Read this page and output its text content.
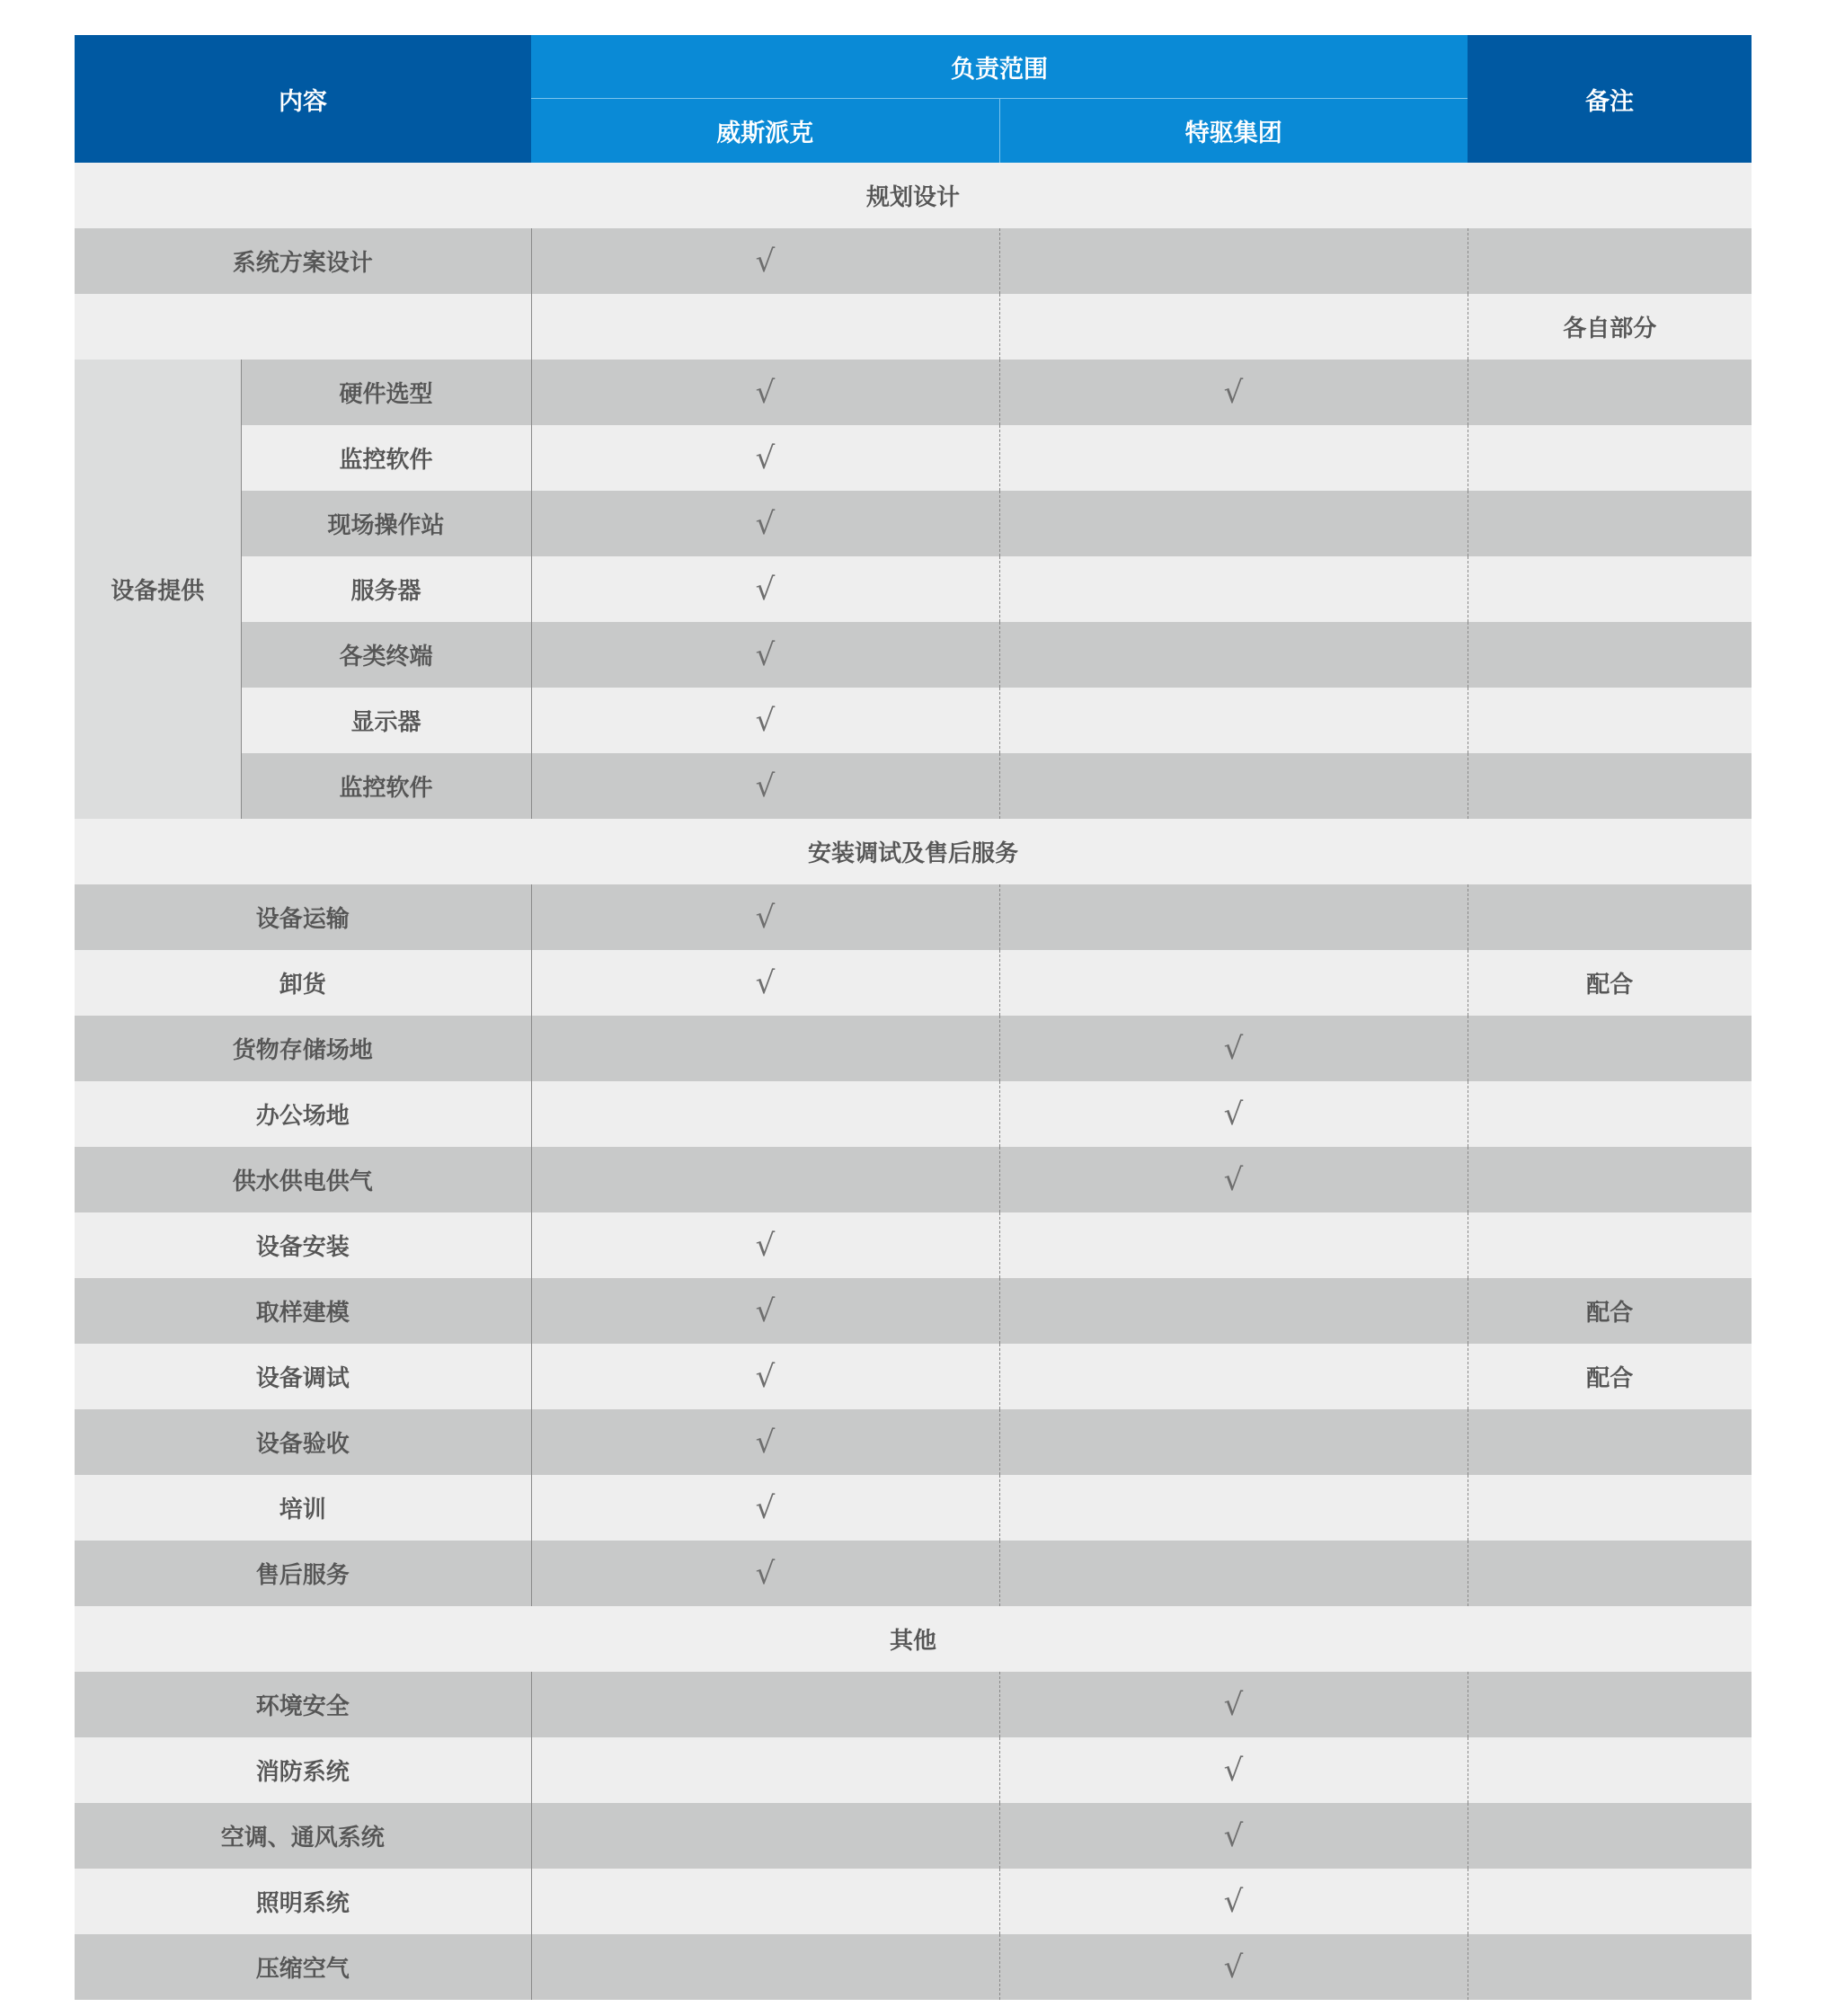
内容		负责范围		备注
		威斯派克	特驱集团	
规划设计				
系统方案设计		√		
				各自部分
设备提供	硬件选型	√	√	
	监控软件	√		
	现场操作站	√		
	服务器	√		
	各类终端	√		
	显示器	√		
	监控软件	√		
安装调试及售后服务				
设备运输		√		
卸货		√		配合
货物存储场地			√	
办公场地			√	
供水供电供气			√	
设备安装		√		
取样建模		√		配合
设备调试		√		配合
设备验收		√		
培训		√		
售后服务		√		
其他				
环境安全			√	
消防系统			√	
空调、通风系统			√	
照明系统			√	
压缩空气			√	
